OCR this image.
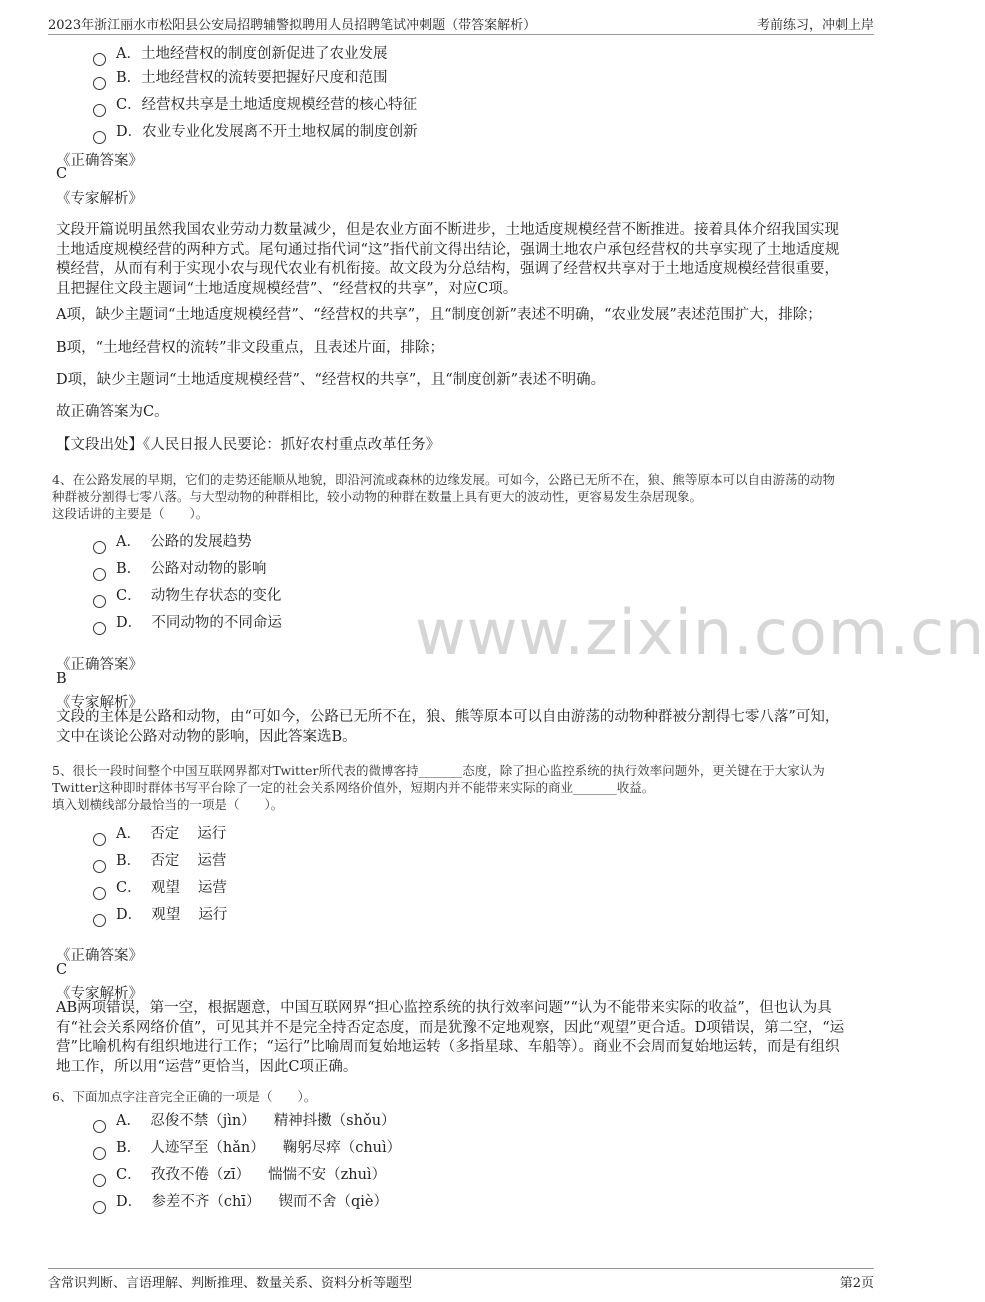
2023年浙江丽水市松阳县公安局招聘辅警拟聘用人员招聘笔试冲刺题（带答案解析）	考前练习，冲刺上岸
A．土地经营权的制度创新促进了农业发展
B．土地经营权的流转要把握好尺度和范围
C．经营权共享是土地适度规模经营的核心特征
D．农业专业化发展离不开土地权属的制度创新
《正确答案》
C
《专家解析》
文段开篇说明虽然我国农业劳动力数量减少，但是农业方面不断进步，土地适度规模经营不断推进。接着具体介绍我国实现
土地适度规模经营的两种方式。尾句通过指代词“这”指代前文得出结论，强调土地农户承包经营权的共享实现了土地适度规
模经营，从而有利于实现小农与现代农业有机衔接。故文段为分总结构，强调了经营权共享对于土地适度规模经营很重要，
且把握住文段主题词“土地适度规模经营”、“经营权的共享”，对应C项。
A项，缺少主题词“土地适度规模经营”、“经营权的共享”，且“制度创新”表述不明确，“农业发展”表述范围扩大，排除；
B项，“土地经营权的流转”非文段重点，且表述片面，排除；
D项，缺少主题词“土地适度规模经营”、“经营权的共享”，且“制度创新”表述不明确。
故正确答案为C。
【文段出处】《人民日报人民要论：抓好农村重点改革任务》
4、在公路发展的早期，它们的走势还能顺从地貌，即沿河流或森林的边缘发展。可如今，公路已无所不在，狼、熊等原本可以自由游荡的动物
种群被分割得七零八落。与大型动物的种群相比，较小动物的种群在数量上具有更大的波动性，更容易发生杂居现象。
这段话讲的主要是（　　）。
A． 公路的发展趋势
B． 公路对动物的影响
C． 动物生存状态的变化
D． 不同动物的不同命运 www.zixin.com.cn
《正确答案》
B
《专家解析》
文段的主体是公路和动物，由“可如今，公路已无所不在，狼、熊等原本可以自由游荡的动物种群被分割得七零八落”可知，
文中在谈论公路对动物的影响，因此答案选B。
5、很长一段时间整个中国互联网界都对Twitter所代表的微博客持_______态度，除了担心监控系统的执行效率问题外，更关键在于大家认为
Twitter这种即时群体书写平台除了一定的社会关系网络价值外，短期内并不能带来实际的商业_______收益。
填入划横线部分最恰当的一项是（　　）。
A． 否定 运行
B． 否定 运营
C． 观望 运营
D． 观望 运行
《正确答案》
C
《专家解析》
AB两项错误，第一空，根据题意，中国互联网界“担心监控系统的执行效率问题”“认为不能带来实际的收益”，但也认为具
有“社会关系网络价值”，可见其并不是完全持否定态度，而是犹豫不定地观察，因此“观望”更合适。D项错误，第二空，“运
营”比喻机构有组织地进行工作；“运行”比喻周而复始地运转（多指星球、车船等）。商业不会周而复始地运转，而是有组织
地工作，所以用“运营”更恰当，因此C项正确。
6、下面加点字注音完全正确的一项是（　　）。
A． 忍俊不禁（jìn） 精神抖擞（shǒu）
B． 人迹罕至（hǎn） 鞠躬尽瘁（chuì）
C． 孜孜不倦（zī） 惴惴不安（zhuì）
D． 参差不齐（chī） 锲而不舍（qiè）
含常识判断、言语理解、判断推理、数量关系、资料分析等题型	第2页
